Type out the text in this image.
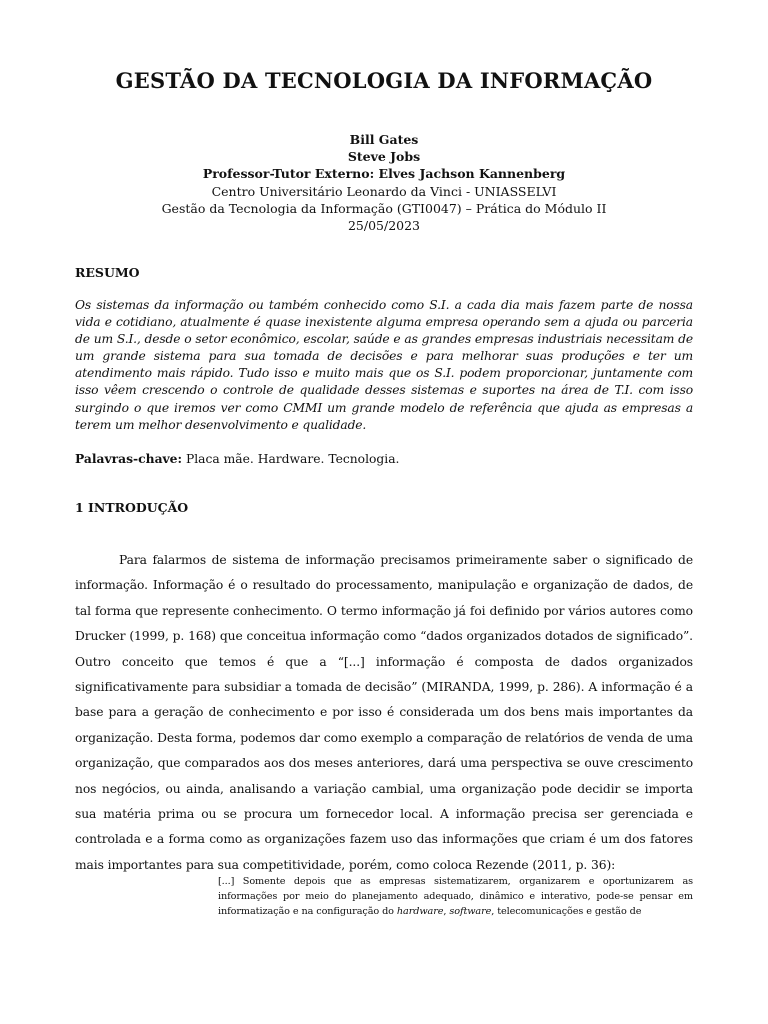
GESTÃO DA TECNOLOGIA DA INFORMAÇÃO
Bill Gates
Steve Jobs
Professor-Tutor Externo: Elves Jachson Kannenberg
Centro Universitário Leonardo da Vinci - UNIASSELVI
Gestão da Tecnologia da Informação (GTI0047) – Prática do Módulo II
25/05/2023
RESUMO
Os sistemas da informação ou também conhecido como S.I. a cada dia mais fazem parte de nossa vida e cotidiano, atualmente é quase inexistente alguma empresa operando sem a ajuda ou parceria de um S.I., desde o setor econômico, escolar, saúde e as grandes empresas industriais necessitam de um grande sistema para sua tomada de decisões e para melhorar suas produções e ter um atendimento mais rápido. Tudo isso e muito mais que os S.I. podem proporcionar, juntamente com isso vêem crescendo o controle de qualidade desses sistemas e suportes na área de T.I. com isso surgindo o que iremos ver como CMMI um grande modelo de referência que ajuda as empresas a terem um melhor desenvolvimento e qualidade.
Palavras-chave: Placa mãe. Hardware. Tecnologia.
1 INTRODUÇÃO
Para falarmos de sistema de informação precisamos primeiramente saber o significado de informação. Informação é o resultado do processamento, manipulação e organização de dados, de tal forma que represente conhecimento. O termo informação já foi definido por vários autores como Drucker (1999, p. 168) que conceitua informação como “dados organizados dotados de significado”. Outro conceito que temos é que a “[...] informação é composta de dados organizados significativamente para subsidiar a tomada de decisão” (MIRANDA, 1999, p. 286). A informação é a base para a geração de conhecimento e por isso é considerada um dos bens mais importantes da organização. Desta forma, podemos dar como exemplo a comparação de relatórios de venda de uma organização, que comparados aos dos meses anteriores, dará uma perspectiva se ouve crescimento nos negócios, ou ainda, analisando a variação cambial, uma organização pode decidir se importa sua matéria prima ou se procura um fornecedor local. A informação precisa ser gerenciada e controlada e a forma como as organizações fazem uso das informações que criam é um dos fatores mais importantes para sua competitividade, porém, como coloca Rezende (2011, p. 36):
[...] Somente depois que as empresas sistematizarem, organizarem e oportunizarem as informações por meio do planejamento adequado, dinâmico e interativo, pode-se pensar em informatização e na configuração do hardware, software, telecomunicações e gestão de
